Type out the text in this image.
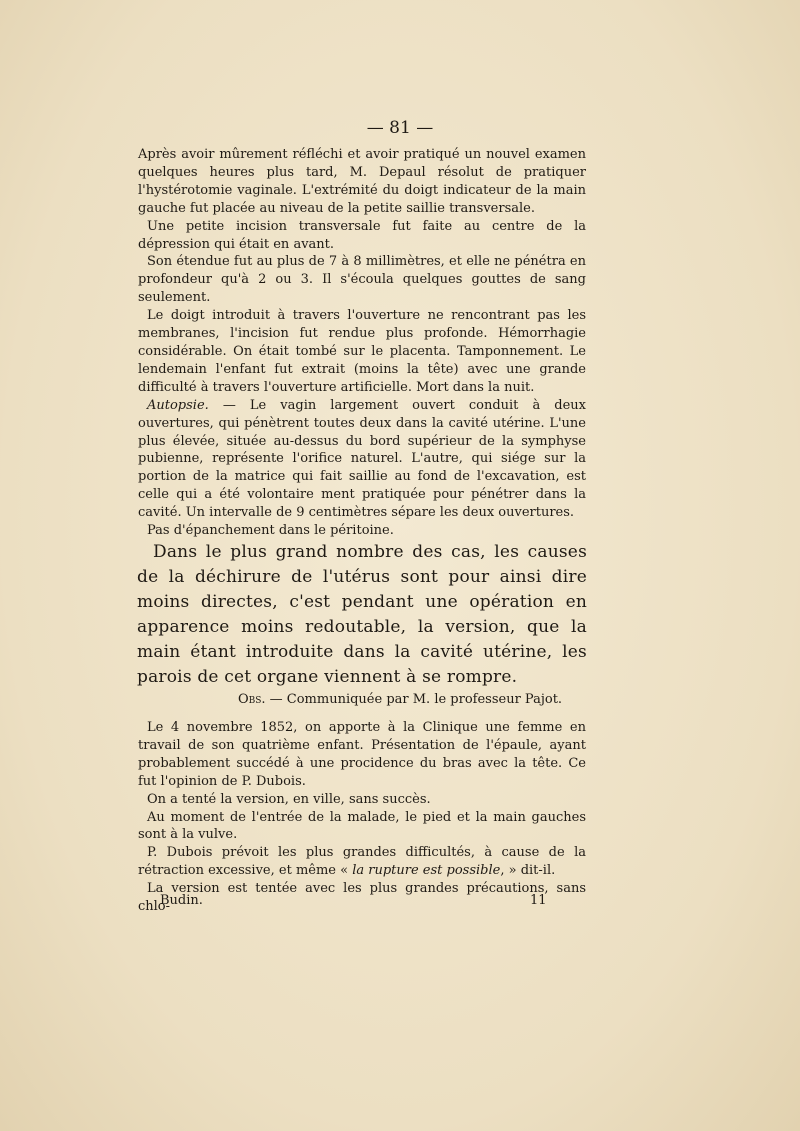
— 81 —

Après avoir mûrement réfléchi et avoir pratiqué un nouvel examen quelques heures plus tard, M. Depaul résolut de pratiquer l'hystérotomie vaginale. L'extrémité du doigt indicateur de la main gauche fut placée au niveau de la petite saillie transversale.

Une petite incision transversale fut faite au centre de la dépression qui était en avant.

Son étendue fut au plus de 7 à 8 millimètres, et elle ne pénétra en profondeur qu'à 2 ou 3. Il s'écoula quelques gouttes de sang seulement.

Le doigt introduit à travers l'ouverture ne rencontrant pas les membranes, l'incision fut rendue plus profonde. Hémorrhagie considérable. On était tombé sur le placenta. Tamponnement. Le lendemain l'enfant fut extrait (moins la tête) avec une grande difficulté à travers l'ouverture artificielle. Mort dans la nuit.

Autopsie. — Le vagin largement ouvert conduit à deux ouvertures, qui pénètrent toutes deux dans la cavité utérine. L'une plus élevée, située au-dessus du bord supérieur de la symphyse pubienne, représente l'orifice naturel. L'autre, qui siége sur la portion de la matrice qui fait saillie au fond de l'excavation, est celle qui a été volontaire ment pratiquée pour pénétrer dans la cavité. Un intervalle de 9 centimètres sépare les deux ouvertures.

Pas d'épanchement dans le péritoine.

Dans le plus grand nombre des cas, les causes de la déchirure de l'utérus sont pour ainsi dire moins directes, c'est pendant une opération en apparence moins redoutable, la version, que la main étant introduite dans la cavité utérine, les parois de cet organe viennent à se rompre.

Obs. — Communiquée par M. le professeur Pajot.

Le 4 novembre 1852, on apporte à la Clinique une femme en travail de son quatrième enfant. Présentation de l'épaule, ayant probablement succédé à une procidence du bras avec la tête. Ce fut l'opinion de P. Dubois.

On a tenté la version, en ville, sans succès.

Au moment de l'entrée de la malade, le pied et la main gauches sont à la vulve.

P. Dubois prévoit les plus grandes difficultés, à cause de la rétraction excessive, et même « la rupture est possible, » dit-il.

La version est tentée avec les plus grandes précautions, sans chlo-

Budin.	11
